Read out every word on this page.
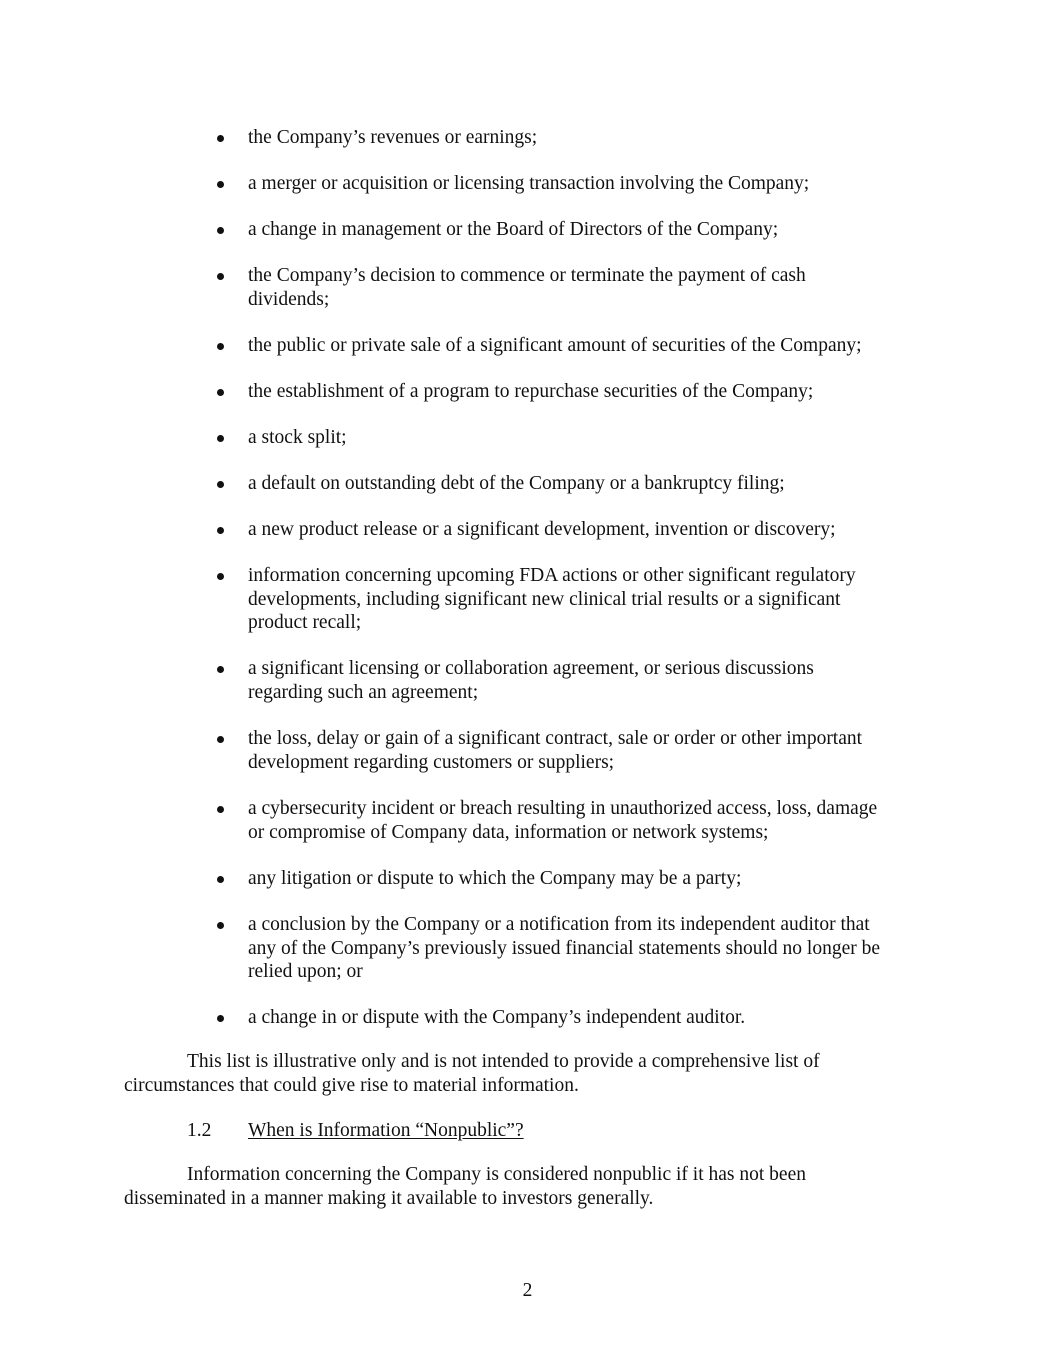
the Company’s revenues or earnings;
a merger or acquisition or licensing transaction involving the Company;
a change in management or the Board of Directors of the Company;
the Company’s decision to commence or terminate the payment of cash
dividends;
the public or private sale of a significant amount of securities of the Company;
the establishment of a program to repurchase securities of the Company;
a stock split;
a default on outstanding debt of the Company or a bankruptcy filing;
a new product release or a significant development, invention or discovery;
information concerning upcoming FDA actions or other significant regulatory
developments, including significant new clinical trial results or a significant
product recall;
a significant licensing or collaboration agreement, or serious discussions
regarding such an agreement;
the loss, delay or gain of a significant contract, sale or order or other important
development regarding customers or suppliers;
a cybersecurity incident or breach resulting in unauthorized access, loss, damage
or compromise of Company data, information or network systems;
any litigation or dispute to which the Company may be a party;
a conclusion by the Company or a notification from its independent auditor that
any of the Company’s previously issued financial statements should no longer be
relied upon; or
a change in or dispute with the Company’s independent auditor.
This list is illustrative only and is not intended to provide a comprehensive list of
circumstances that could give rise to material information.
1.2 When is Information “Nonpublic”?
Information concerning the Company is considered nonpublic if it has not been
disseminated in a manner making it available to investors generally.
2
